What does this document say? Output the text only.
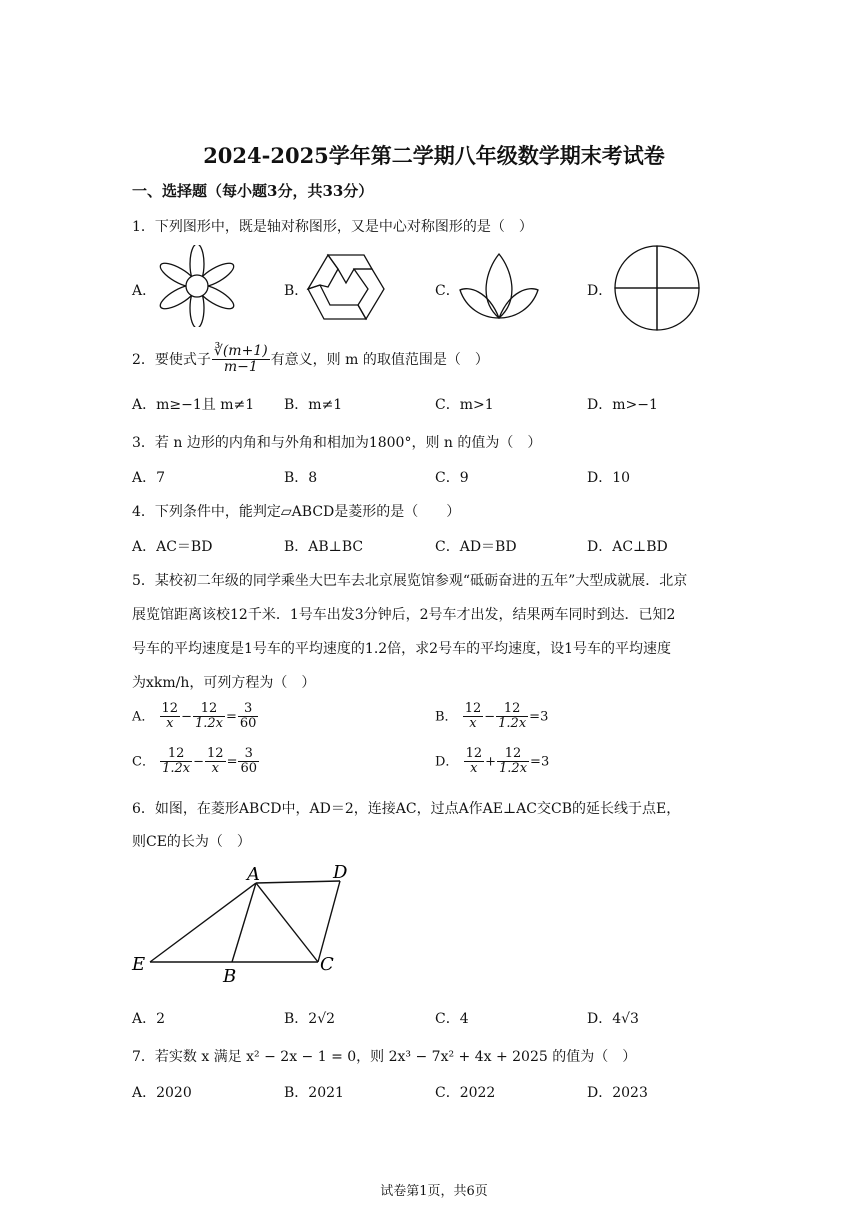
2024-2025学年第二学期八年级数学期末考试卷
一、选择题（每小题3分，共33分）
1．下列图形中，既是轴对称图形，又是中心对称图形的是（　）
A．	B．	C．	D．
2．要使式子 $\frac{∛(m+1)}{m-1}$ 有意义，则 m 的取值范围是（　）
A．m≥−1且 m≠1 B．m≠1	C．m>1	D．m>−1
3．若 n 边形的内角和与外角和相加为1800°，则 n 的值为（　）
A．7	B．8	C．9	D．10
4．下列条件中，能判定▱ABCD是菱形的是（　　）
A．AC＝BD	B．AB⊥BC	C．AD＝BD	D．AC⊥BD
5．某校初二年级的同学乘坐大巴车去北京展览馆参观“砥砺奋进的五年”大型成就展．北京
展览馆距离该校12千米．1号车出发3分钟后，2号车才出发，结果两车同时到达．已知2
号车的平均速度是1号车的平均速度的1.2倍，求2号车的平均速度，设1号车的平均速度
为xkm/h，可列方程为（　）
A． $\frac{12}{x} - \frac{12}{1.2x} = \frac{3}{60}$	B． $\frac{12}{x} - \frac{12}{1.2x} =3$
C． $\frac{12}{1.2x} - \frac{12}{x} = \frac{3}{60}$	D． $\frac{12}{x} + \frac{12}{1.2x} =3$
6．如图，在菱形ABCD中，AD＝2，连接AC，过点A作AE⊥AC交CB的延长线于点E，
则CE的长为（　）
A	D
E
B
C
A．2	B．2√2	C．4	D．4√3
7．若实数 x 满足 x² − 2x − 1 = 0，则 2x³ − 7x² + 4x + 2025 的值为（　）
A．2020	B．2021	C．2022	D．2023
试卷第1页，共6页
